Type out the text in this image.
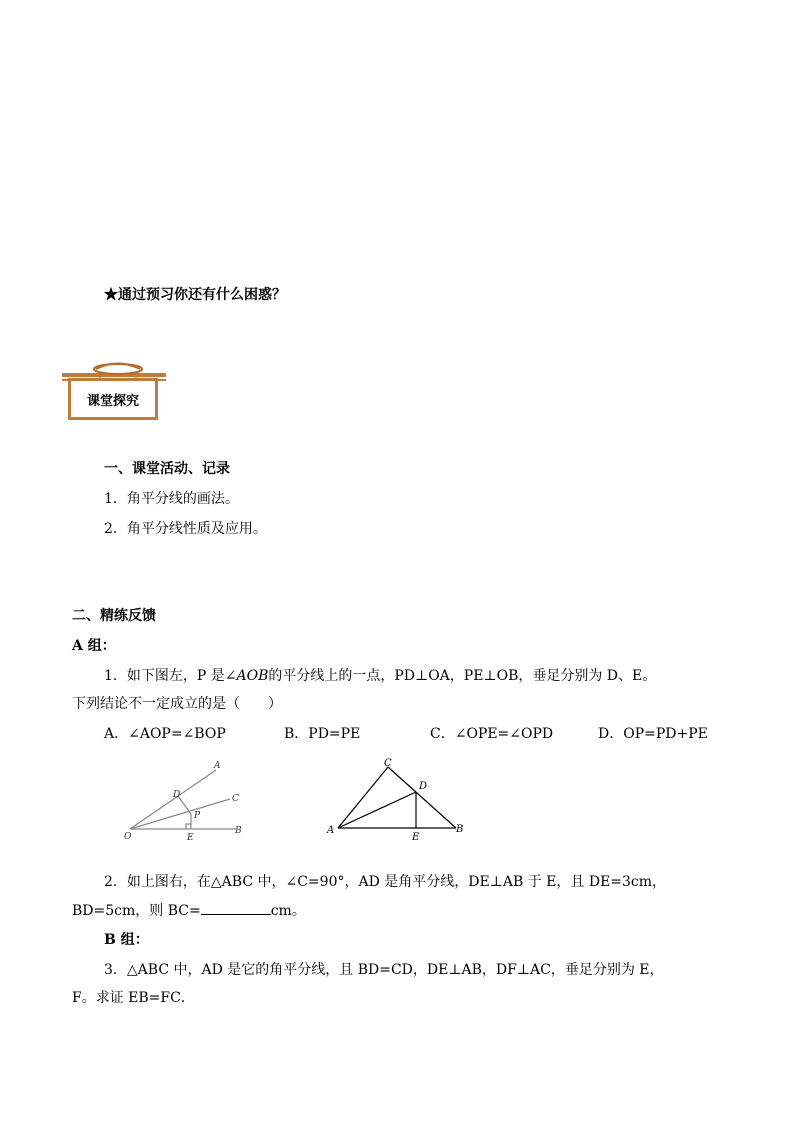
★通过预习你还有什么困惑？
课堂探究
一、课堂活动、记录
1．角平分线的画法。
2．角平分线性质及应用。
二、精练反馈
A 组：
1．如下图左，P 是∠AOB的平分线上的一点，PD⊥OA，PE⊥OB，垂足分别为 D、E。
下列结论不一定成立的是（　　）
A．∠AOP=∠BOP	B．PD=PE	C．∠OPE=∠OPD	D．OP=PD+PE
A
C
D
P
O	E
B
C
D
A
E
B
2．如上图右，在△ABC 中，∠C=90°，AD 是角平分线，DE⊥AB 于 E，且 DE=3cm，
BD=5cm，则 BC=	cm。
B 组：
3．△ABC 中，AD 是它的角平分线，且 BD=CD，DE⊥AB，DF⊥AC，垂足分别为 E，
F。求证 EB=FC．
